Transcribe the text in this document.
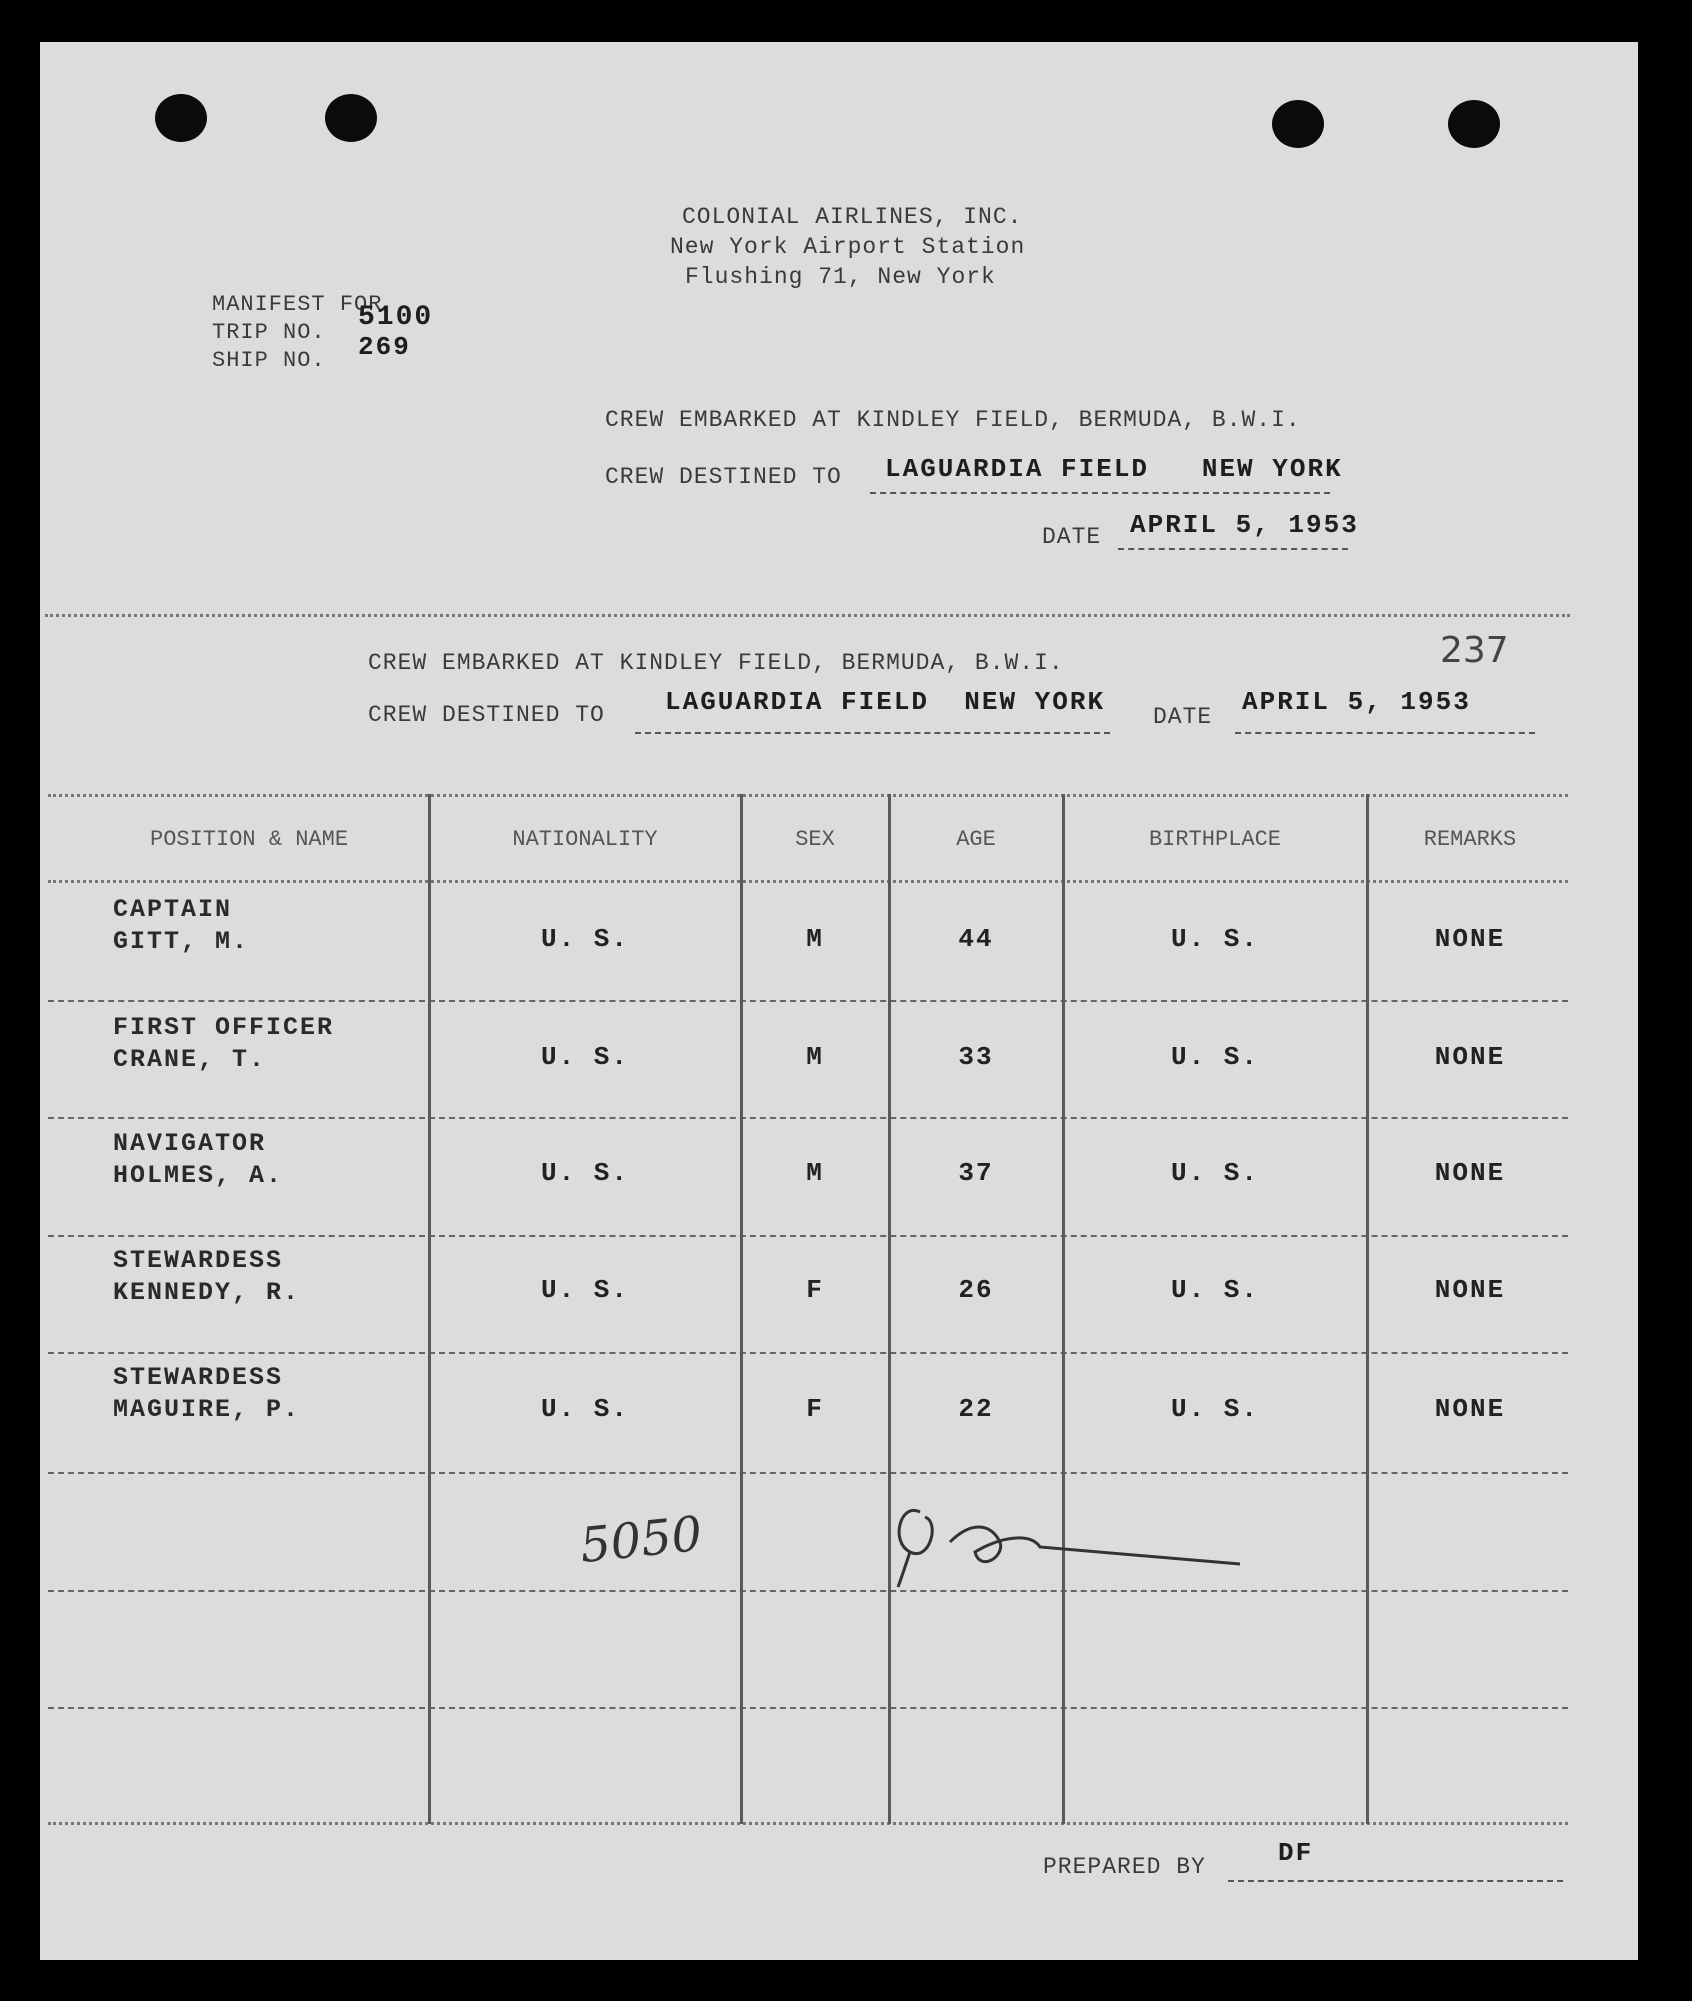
COLONIAL AIRLINES, INC.
New York Airport Station
Flushing 71, New York
MANIFEST FOR
TRIP NO.
SHIP NO.
5100
269
CREW EMBARKED AT KINDLEY FIELD, BERMUDA, B.W.I.
CREW DESTINED TO LAGUARDIA FIELD   NEW YORK
DATE APRIL 5, 1953
237
CREW EMBARKED AT KINDLEY FIELD, BERMUDA, B.W.I.
CREW DESTINED TO LAGUARDIA FIELD  NEW YORK DATE APRIL 5, 1953
POSITION & NAME	NATIONALITY	SEX	AGE	BIRTHPLACE	REMARKS
CAPTAIN
GITT, M.	U. S.	M	44	U. S.	NONE
FIRST OFFICER
CRANE, T.	U. S.	M	33	U. S.	NONE
NAVIGATOR
HOLMES, A.	U. S.	M	37	U. S.	NONE
STEWARDESS
KENNEDY, R.	U. S.	F	26	U. S.	NONE
STEWARDESS
MAGUIRE, P.	U. S.	F	22	U. S.	NONE
5050
PREPARED BY	DF
